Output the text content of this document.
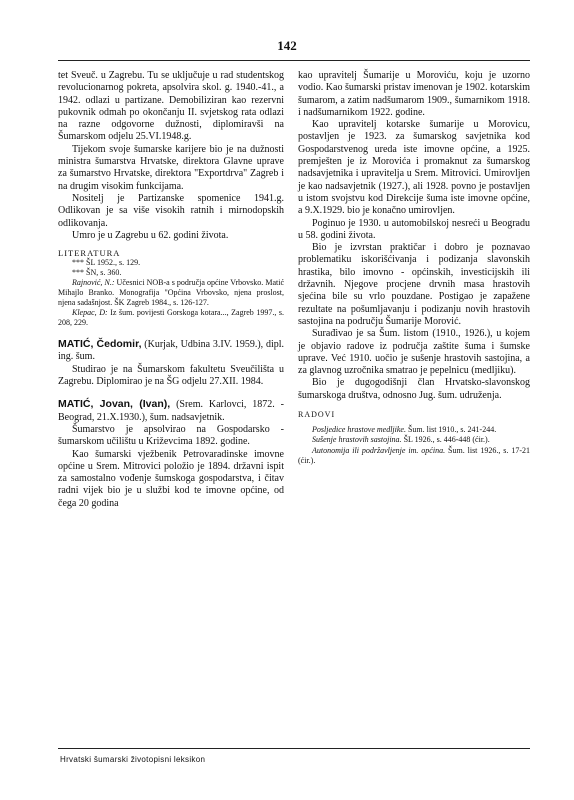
142

tet Sveuč. u Zagrebu. Tu se uključuje u rad studentskog revolucionarnog pokreta, apsolvira skol. g. 1940.-41., a 1942. odlazi u partizane. Demobiliziran kao rezervni pukovnik odmah po okončanju II. svjetskog rata odlazi na razne odgovorne dužnosti, diplomiravši na Šumarskom odjelu 25.VI.1948.g.

Tijekom svoje šumarske karijere bio je na dužnosti ministra šumarstva Hrvatske, direktora Glavne uprave za šumarstvo Hrvatske, direktora "Exportdrva" Zagreb i na drugim visokim funkcijama.

Nositelj je Partizanske spomenice 1941.g. Odlikovan je sa više visokih ratnih i mirnodopskih odlikovanja.

Umro je u Zagrebu u 62. godini života.

LITERATURA

*** ŠL 1952., s. 129.

*** ŠN, s. 360.

Rajnović, N.: Učesnici NOB-a s područja općine Vrbovsko. Matić Mihajlo Branko. Monografija "Općina Vrbovsko, njena proslost, njena sadašnjost. ŠK Zagreb 1984., s. 126-127.

Klepac, D: Iz šum. povijesti Gorskoga kotara..., Zagreb 1997., s. 208, 229.

MATIĆ, Čedomir, (Kurjak, Udbina 3.IV. 1959.), dipl. ing. šum.

Studirao je na Šumarskom fakultetu Sveučilišta u Zagrebu. Diplomirao je na ŠG odjelu 27.XII. 1984.

MATIĆ, Jovan, (Ivan), (Srem. Karlovci, 1872. - Beograd, 21.X.1930.), šum. nadsavjetnik.

Šumarstvo je apsolvirao na Gospodarsko - šumarskom učilištu u Križevcima 1892. godine.

Kao šumarski vježbenik Petrovaradinske imovne općine u Srem. Mitrovici položio je 1894. državni ispit za samostalno vođenje šumskoga gospodarstva, i čitav radni vijek bio je u službi kod te imovne općine, od čega 20 godina

kao upravitelj Šumarije u Moroviću, koju je uzorno vodio. Kao šumarski pristav imenovan je 1902. kotarskim šumarom, a zatim nadšumarom 1909., šumarnikom 1918. i nadšumarnikom 1922. godine.

Kao upravitelj kotarske šumarije u Morovicu, postavljen je 1923. za šumarskog savjetnika kod Gospodarstvenog ureda iste imovne općine, a 1925. premješten je iz Morovića i promaknut za šumarskog nadsavjetnika i upravitelja u Srem. Mitrovici. Umirovljen je kao nadsavjetnik (1927.), ali 1928. povno je postavljen u istom svojstvu kod Direkcije šuma iste imovne općine, a 9.X.1929. bio je konačno umirovljen.

Poginuo je 1930. u automobilskoj nesreći u Beogradu u 58. godini života.

Bio je izvrstan praktičar i dobro je poznavao problematiku iskorišćivanja i podizanja slavonskih hrastika, bilo imovno - općinskih, investicijskih ili državnih. Njegove procjene drvnih masa hrastovih sjećina bile su vrlo pouzdane. Postigao je zapažene rezultate na pošumljavanju i podizanju novih hrastovih sastojina na području Šumarije Morović.

Surađivao je sa Šum. listom (1910., 1926.), u kojem je objavio radove iz područja zaštite šuma i šumske uprave. Već 1910. uočio je sušenje hrastovih sastojina, a za glavnog uzročnika smatrao je pepelnicu (medljiku).

Bio je dugogodišnji član Hrvatsko-slavonskog šumarskoga društva, odnosno Jug. šum. udruženja.

RADOVI

Posljedice hrastove medljike. Šum. list 1910., s. 241-244.

Sušenje hrastovih sastojina. ŠL 1926., s. 446-448 (ćir.).

Autonomija ili podržavljenje im. općina. Šum. list 1926., s. 17-21 (ćir.).

Hrvatski šumarski životopisni leksikon
